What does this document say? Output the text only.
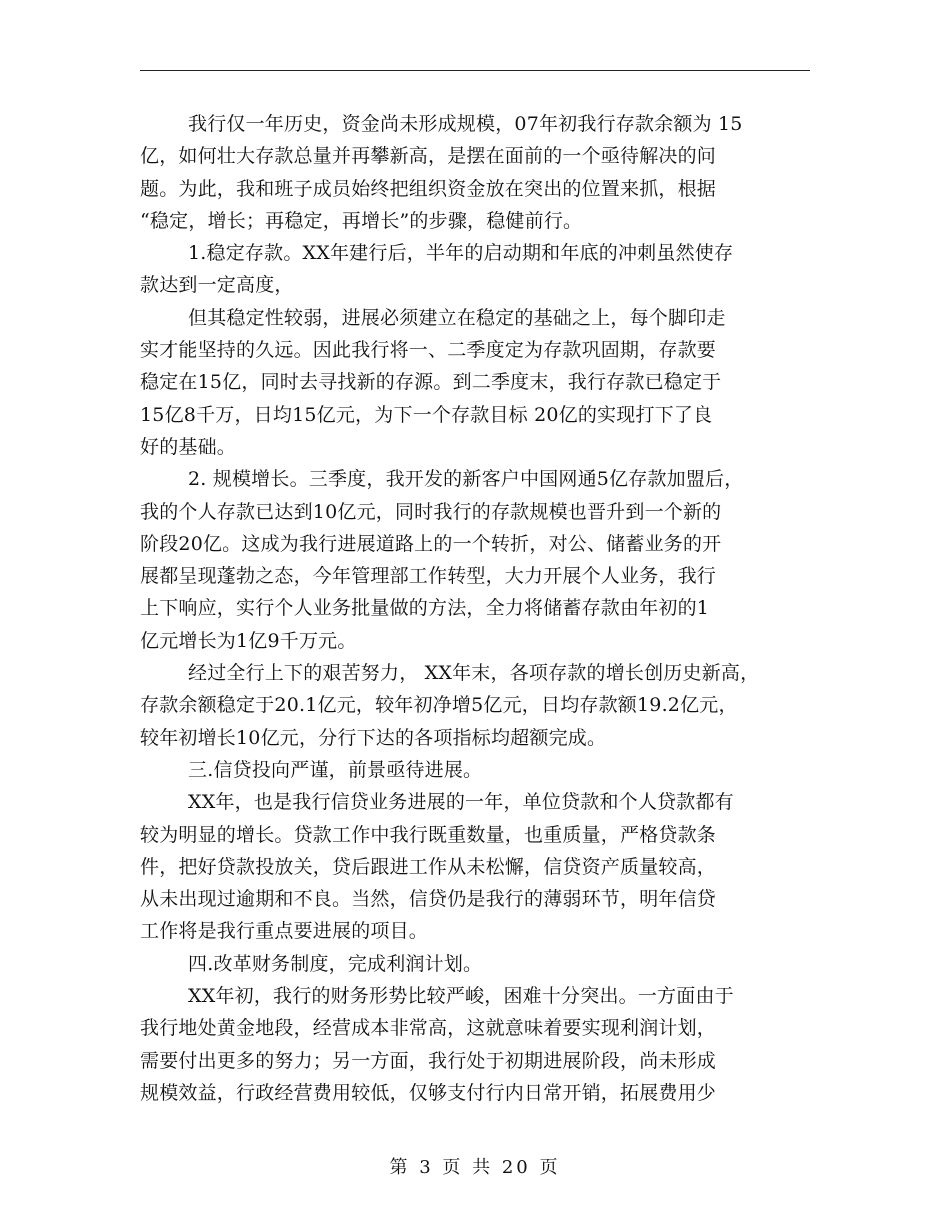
我行仅一年历史，资金尚未形成规模，07年初我行存款余额为 15
亿，如何壮大存款总量并再攀新高，是摆在面前的一个亟待解决的问
题。为此，我和班子成员始终把组织资金放在突出的位置来抓，根据
“稳定，增长；再稳定，再增长”的步骤，稳健前行。
1.稳定存款。XX年建行后，半年的启动期和年底的冲刺虽然使存
款达到一定高度，
但其稳定性较弱，进展必须建立在稳定的基础之上，每个脚印走
实才能坚持的久远。因此我行将一、二季度定为存款巩固期，存款要
稳定在15亿，同时去寻找新的存源。到二季度末，我行存款已稳定于
15亿8千万，日均15亿元，为下一个存款目标 20亿的实现打下了良
好的基础。
2. 规模增长。三季度，我开发的新客户中国网通5亿存款加盟后，
我的个人存款已达到10亿元，同时我行的存款规模也晋升到一个新的
阶段20亿。这成为我行进展道路上的一个转折，对公、储蓄业务的开
展都呈现蓬勃之态，今年管理部工作转型，大力开展个人业务，我行
上下响应，实行个人业务批量做的方法，全力将储蓄存款由年初的1
亿元增长为1亿9千万元。
经过全行上下的艰苦努力， XX年末，各项存款的增长创历史新高，
存款余额稳定于20.1亿元，较年初净增5亿元，日均存款额19.2亿元，
较年初增长10亿元，分行下达的各项指标均超额完成。
三.信贷投向严谨，前景亟待进展。
XX年，也是我行信贷业务进展的一年，单位贷款和个人贷款都有
较为明显的增长。贷款工作中我行既重数量，也重质量，严格贷款条
件，把好贷款投放关，贷后跟进工作从未松懈，信贷资产质量较高，
从未出现过逾期和不良。当然，信贷仍是我行的薄弱环节，明年信贷
工作将是我行重点要进展的项目。
四.改革财务制度，完成利润计划。
XX年初，我行的财务形势比较严峻，困难十分突出。一方面由于
我行地处黄金地段，经营成本非常高，这就意味着要实现利润计划，
需要付出更多的努力；另一方面，我行处于初期进展阶段，尚未形成
规模效益，行政经营费用较低，仅够支付行内日常开销，拓展费用少
第 3 页 共 20 页
